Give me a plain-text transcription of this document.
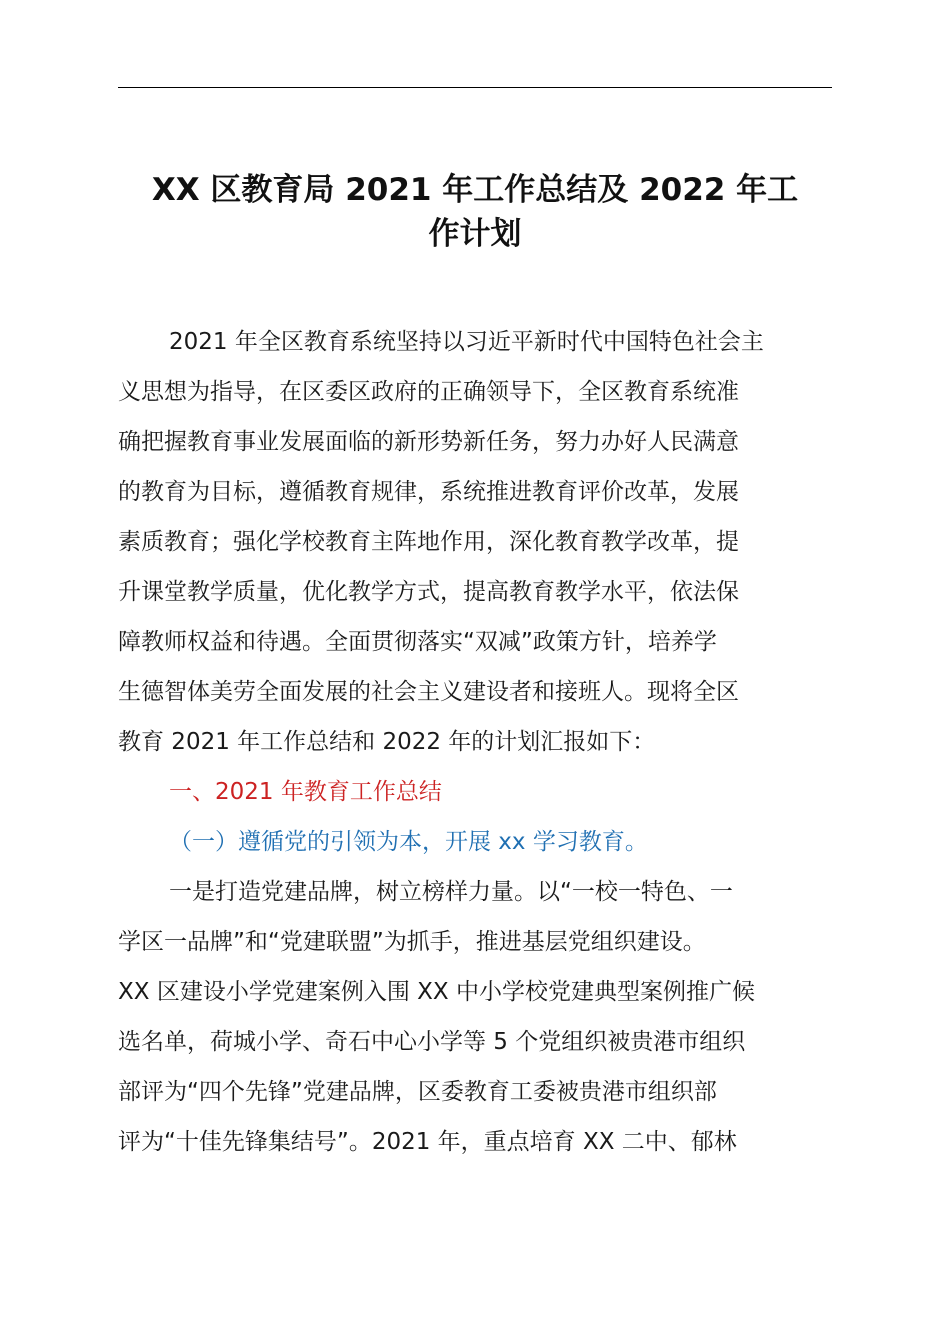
XX 区教育局 2021 年工作总结及 2022 年工
作计划
2021 年全区教育系统坚持以习近平新时代中国特色社会主
义思想为指导，在区委区政府的正确领导下，全区教育系统准
确把握教育事业发展面临的新形势新任务，努力办好人民满意
的教育为目标，遵循教育规律，系统推进教育评价改革，发展
素质教育；强化学校教育主阵地作用，深化教育教学改革，提
升课堂教学质量，优化教学方式，提高教育教学水平，依法保
障教师权益和待遇。全面贯彻落实“双减”政策方针，培养学
生德智体美劳全面发展的社会主义建设者和接班人。现将全区
教育 2021 年工作总结和 2022 年的计划汇报如下：
一、2021 年教育工作总结
（一）遵循党的引领为本，开展 xx 学习教育。
一是打造党建品牌，树立榜样力量。以“一校一特色、一
学区一品牌”和“党建联盟”为抓手，推进基层党组织建设。
XX 区建设小学党建案例入围 XX 中小学校党建典型案例推广候
选名单，荷城小学、奇石中心小学等 5 个党组织被贵港市组织
部评为“四个先锋”党建品牌，区委教育工委被贵港市组织部
评为“十佳先锋集结号”。2021 年，重点培育 XX 二中、郁林
